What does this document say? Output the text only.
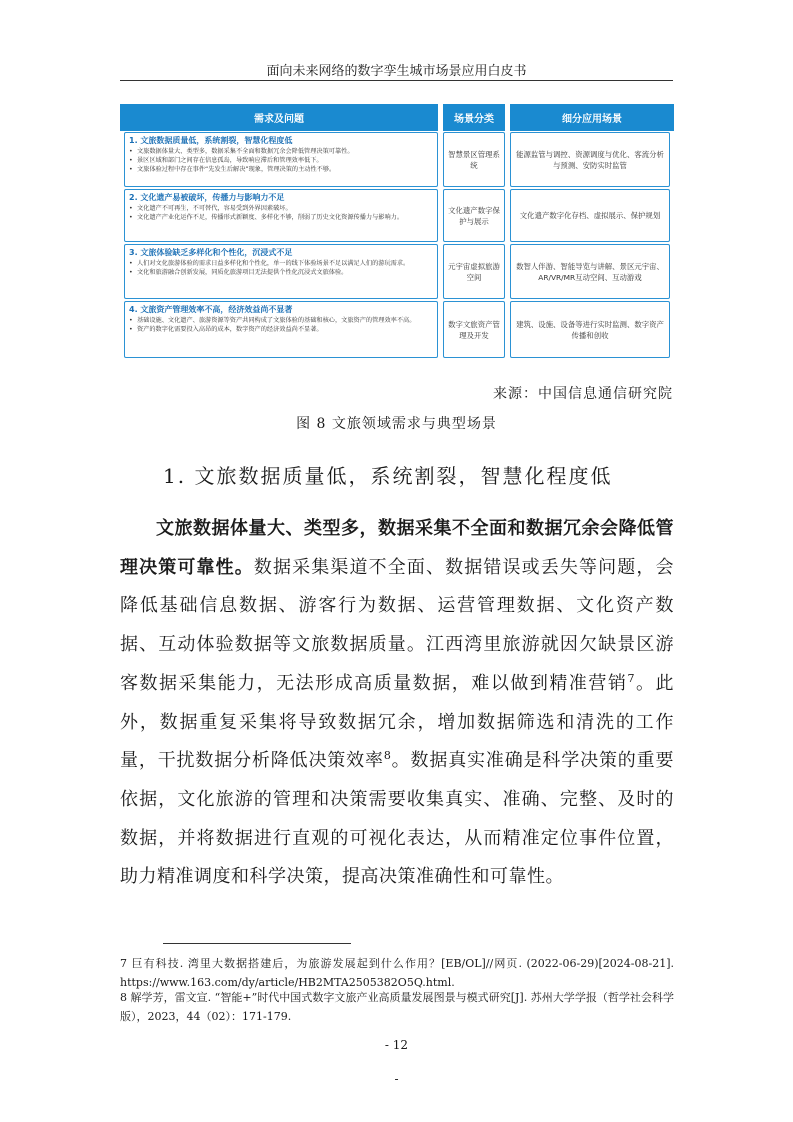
面向未来网络的数字孪生城市场景应用白皮书
需求及问题	场景分类	细分应用场景
1. 文旅数据质量低，系统割裂，智慧化程度低
• 文旅数据体量大、类型多，数据采集不全面和数据冗余会降低管理决策可靠性。
• 景区区域和部门之间存在信息孤岛，导致响应滞后和管理效率低下。
• 文旅体验过程中存在事件“先发生后解决”现象，管理决策的主动性不够。
智慧景区管理系统
能源监管与调控、资源调度与优化、客流分析与预测、安防实时监管
2. 文化遗产易被破坏，传播力与影响力不足
• 文化遗产不可再生，不可替代，容易受到外界因素破坏。
• 文化遗产产业化运作不足，传播形式新颖度、多样化不够，削弱了历史文化资源传播力与影响力。
文化遗产数字保护与展示
文化遗产数字化存档、虚拟展示、保护规划
3. 文旅体验缺乏多样化和个性化，沉浸式不足
• 人们对文化旅游体验的需求日益多样化和个性化，单一的线下体验场景不足以满足人们的游玩需求。
• 文化和旅游融合创新发展，同质化旅游项目无法提供个性化沉浸式文旅体验。
元宇宙虚拟旅游空间
数智人伴游、智能导览与讲解、景区元宇宙、AR/VR/MR互动空间、互动游戏
4. 文旅资产管理效率不高，经济效益尚不显著
• 基础设施、文化遗产、旅游资源等资产共同构成了文旅体验的基础和核心，文旅资产的管理效率不高。
• 资产的数字化需要投入高昂的成本，数字资产的经济效益尚不显著。
数字文旅资产管理及开发
建筑、设施、设备等进行实时监测、数字资产传播和创收
来源：中国信息通信研究院
图 8 文旅领域需求与典型场景
1. 文旅数据质量低，系统割裂，智慧化程度低
文旅数据体量大、类型多，数据采集不全面和数据冗余会降低管理决策可靠性。数据采集渠道不全面、数据错误或丢失等问题，会降低基础信息数据、游客行为数据、运营管理数据、文化资产数据、互动体验数据等文旅数据质量。江西湾里旅游就因欠缺景区游客数据采集能力，无法形成高质量数据，难以做到精准营销$^7$。此外，数据重复采集将导致数据冗余，增加数据筛选和清洗的工作量，干扰数据分析降低决策效率$^8$。数据真实准确是科学决策的重要依据，文化旅游的管理和决策需要收集真实、准确、完整、及时的数据，并将数据进行直观的可视化表达，从而精准定位事件位置，助力精准调度和科学决策，提高决策准确性和可靠性。
7 巨有科技. 湾里大数据搭建后，为旅游发展起到什么作用？[EB/OL]//网页. (2022-06-29)[2024-08-21]. https://www.163.com/dy/article/HB2MTA2505382O5Q.html.
8 解学芳，雷文宣. “智能+”时代中国式数字文旅产业高质量发展图景与模式研究[J]. 苏州大学学报（哲学社会科学版），2023，44（02）：171-179.
- 12
-
